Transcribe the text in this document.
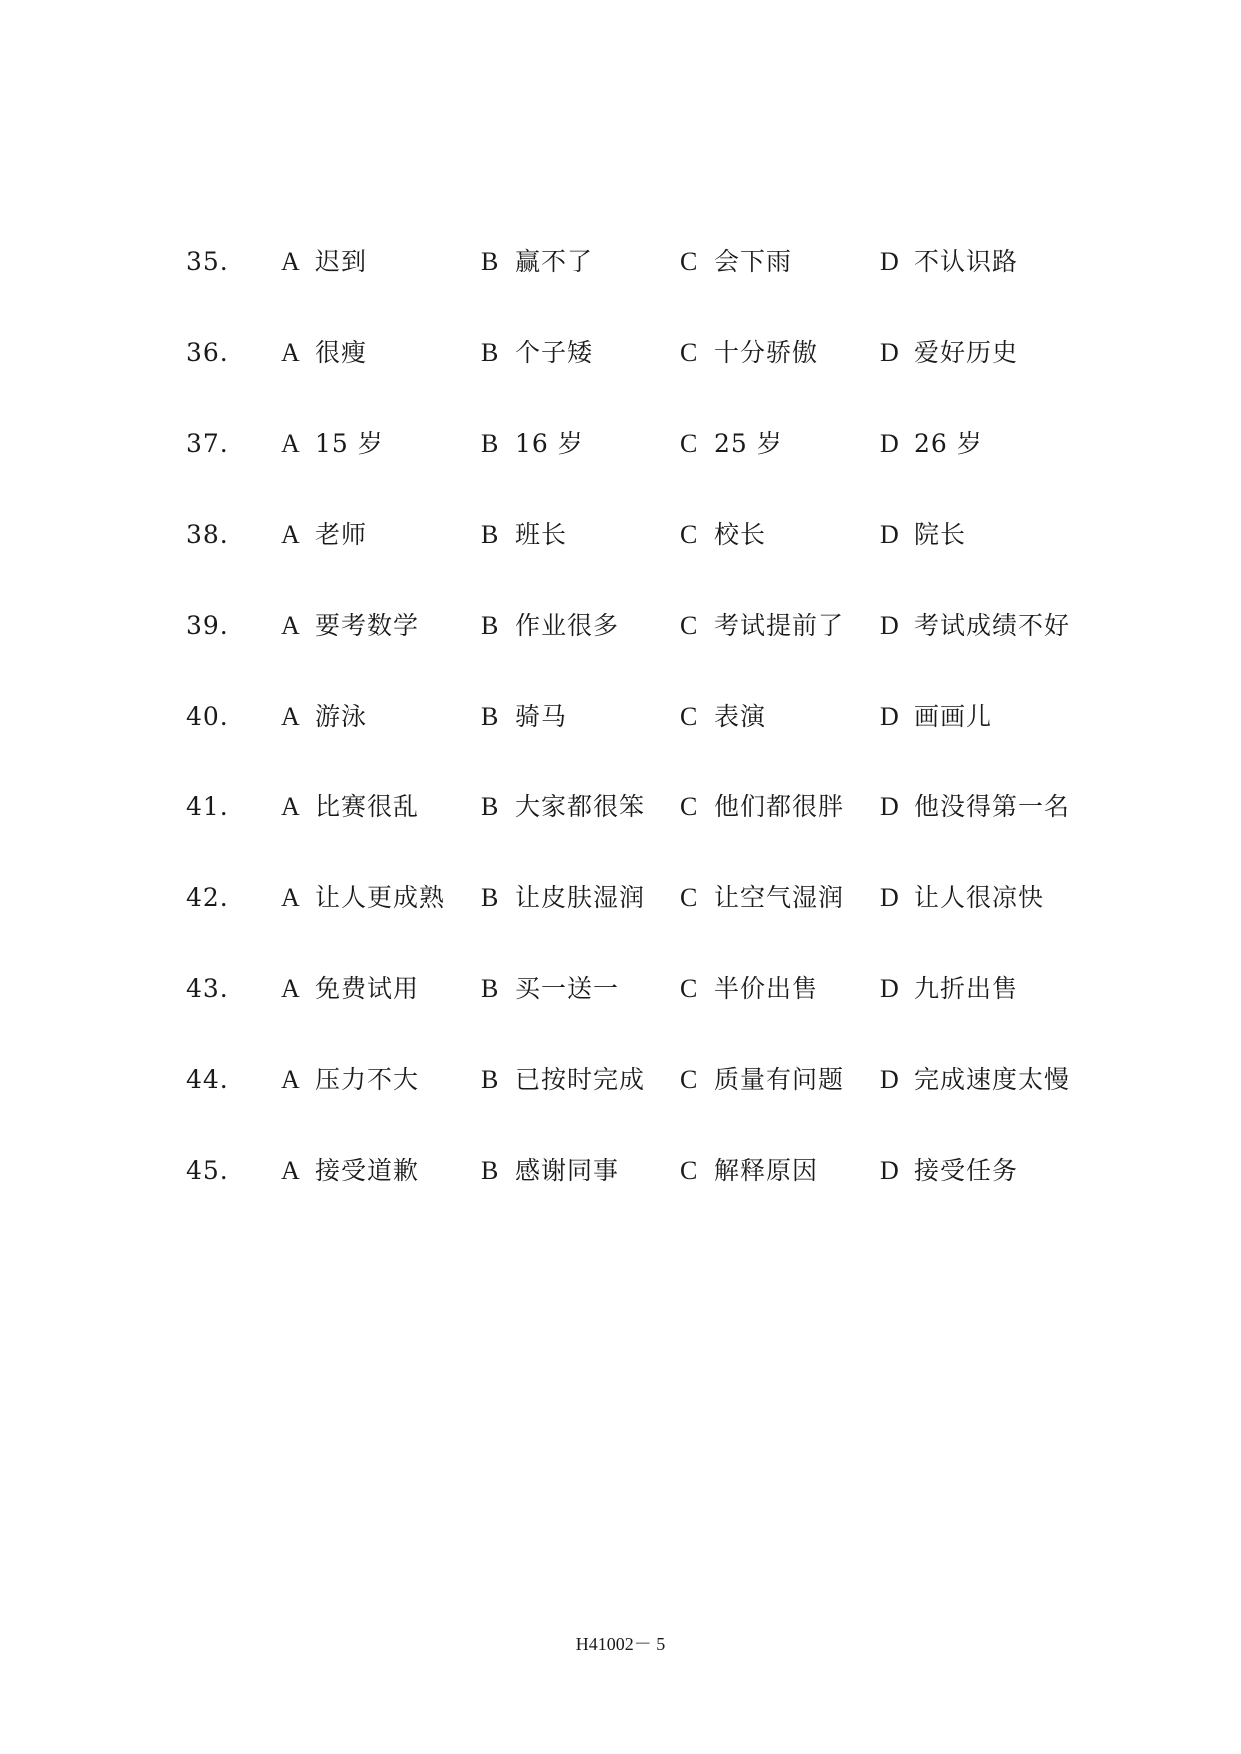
35. A 迟到	B 赢不了	C 会下雨	D 不认识路
36. A 很瘦	B 个子矮	C 十分骄傲 D 爱好历史
37. A 15 岁	B 16 岁	C 25 岁	D 26 岁
38. A 老师	B 班长	C 校长	D 院长
39. A 要考数学 B 作业很多 C 考试提前了 D 考试成绩不好
40. A 游泳	B 骑马	C 表演	D 画画儿
41. A 比赛很乱 B 大家都很笨 C 他们都很胖 D 他没得第一名
42. A 让人更成熟 B 让皮肤湿润 C 让空气湿润 D 让人很凉快
43. A 免费试用 B 买一送一 C 半价出售 D 九折出售
44. A 压力不大 B 已按时完成 C 质量有问题 D 完成速度太慢
45. A 接受道歉 B 感谢同事 C 解释原因 D 接受任务
H41002－ 5
